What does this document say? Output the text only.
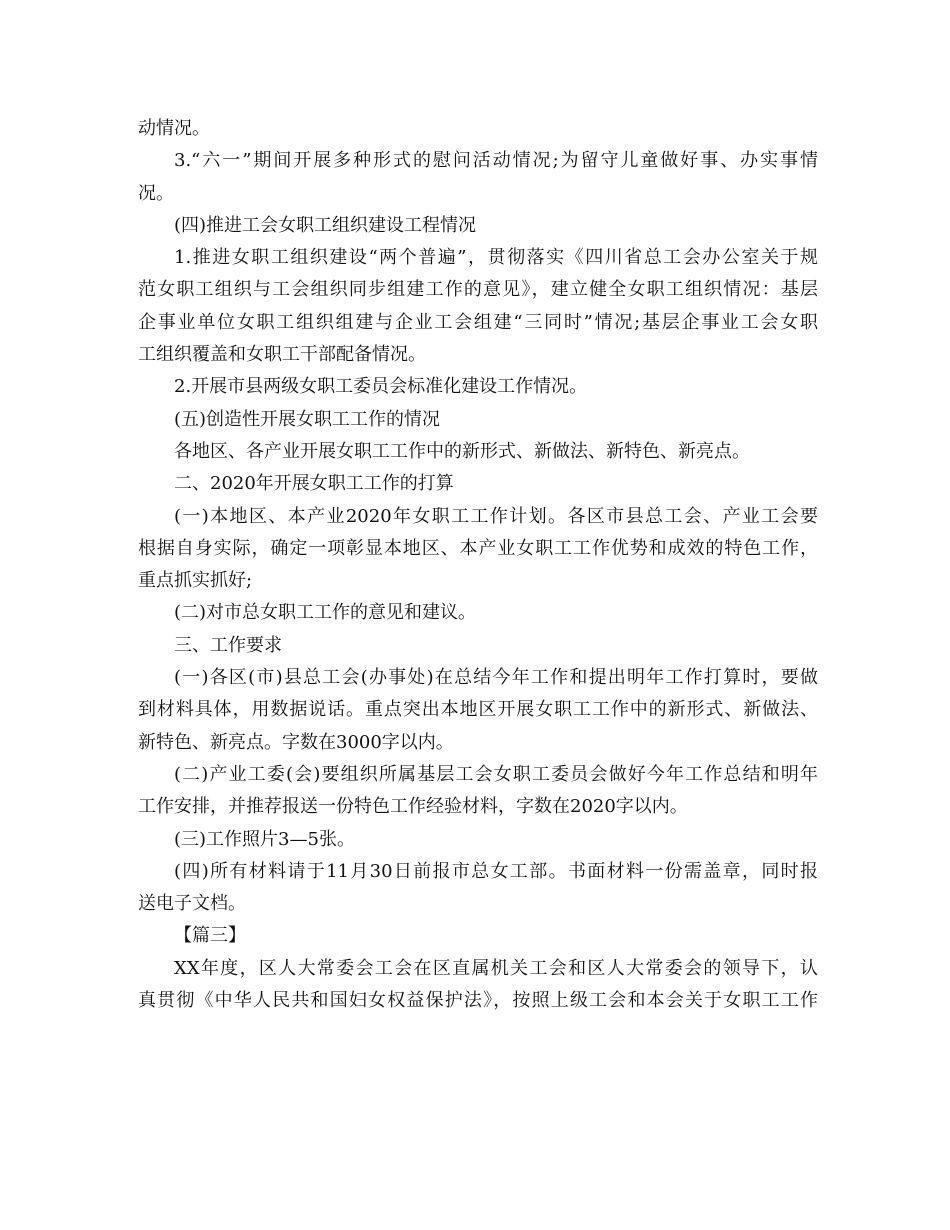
动情况。
3.“六一”期间开展多种形式的慰问活动情况;为留守儿童做好事、办实事情
况。
(四)推进工会女职工组织建设工程情况
1.推进女职工组织建设“两个普遍”，贯彻落实《四川省总工会办公室关于规
范女职工组织与工会组织同步组建工作的意见》，建立健全女职工组织情况：基层
企事业单位女职工组织组建与企业工会组建“三同时”情况;基层企事业工会女职
工组织覆盖和女职工干部配备情况。
2.开展市县两级女职工委员会标准化建设工作情况。
(五)创造性开展女职工工作的情况
各地区、各产业开展女职工工作中的新形式、新做法、新特色、新亮点。
二、2020年开展女职工工作的打算
(一)本地区、本产业2020年女职工工作计划。各区市县总工会、产业工会要
根据自身实际，确定一项彰显本地区、本产业女职工工作优势和成效的特色工作，
重点抓实抓好;
(二)对市总女职工工作的意见和建议。
三、工作要求
(一)各区(市)县总工会(办事处)在总结今年工作和提出明年工作打算时，要做
到材料具体，用数据说话。重点突出本地区开展女职工工作中的新形式、新做法、
新特色、新亮点。字数在3000字以内。
(二)产业工委(会)要组织所属基层工会女职工委员会做好今年工作总结和明年
工作安排，并推荐报送一份特色工作经验材料，字数在2020字以内。
(三)工作照片3—5张。
(四)所有材料请于11月30日前报市总女工部。书面材料一份需盖章，同时报
送电子文档。
【篇三】
XX年度，区人大常委会工会在区直属机关工会和区人大常委会的领导下，认
真贯彻《中华人民共和国妇女权益保护法》，按照上级工会和本会关于女职工工作
